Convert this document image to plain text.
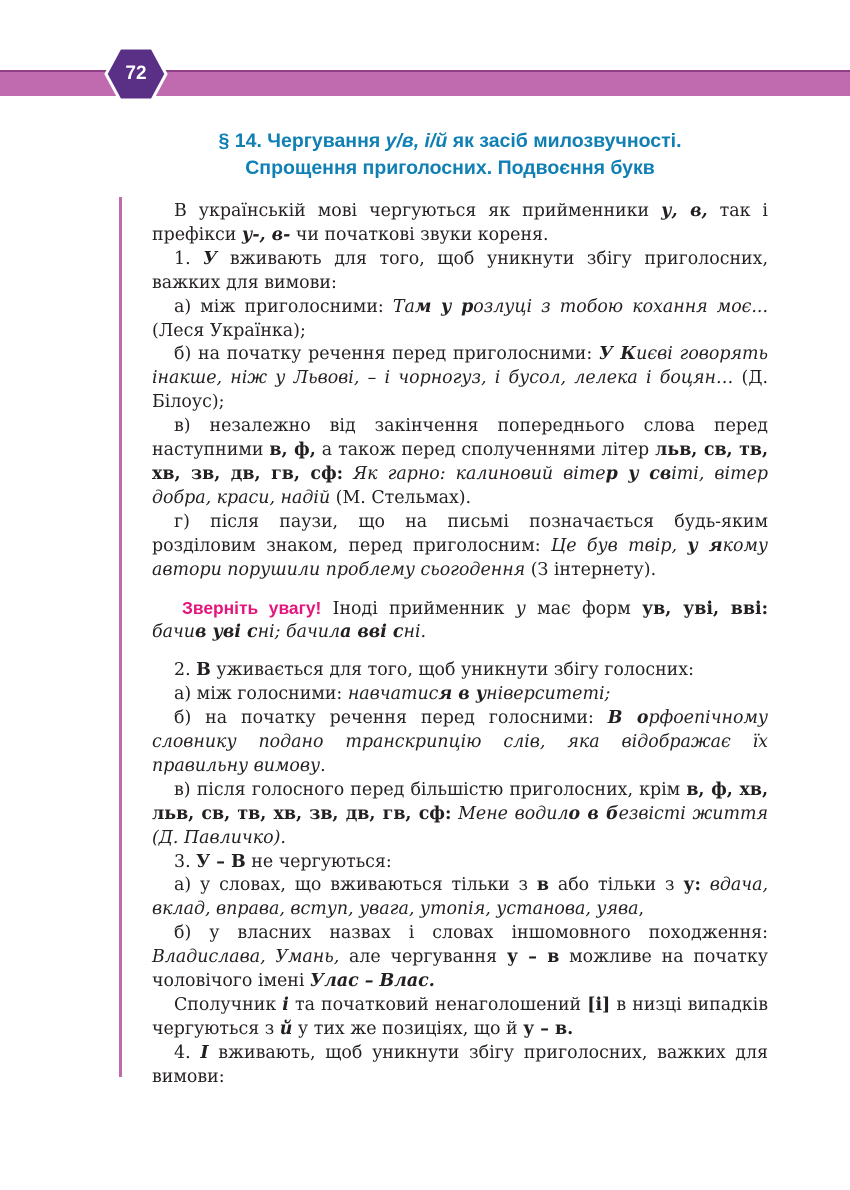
72
§ 14. Чергування у/в, і/й як засіб милозвучності.
Спрощення приголосних. Подвоєння букв

В українській мові чергуються як прийменники у, в, так і префікси у-, в- чи початкові звуки кореня.

1. У вживають для того, щоб уникнути збігу приголосних, важких для вимови:

а) між приголосними: Там у розлуці з тобою кохання моє... (Леся Українка);

б) на початку речення перед приголосними: У Києві говорять інакше, ніж у Львові, – і чорногуз, і бусол, лелека і боцян… (Д. Білоус);

в) незалежно від закінчення попереднього слова перед наступними в, ф, а також перед сполученнями літер льв, св, тв, хв, зв, дв, гв, сф: Як гарно: калиновий вітер у світі, вітер добра, краси, надій (М. Стельмах).

г) після паузи, що на письмі позначається будь-яким розділовим знаком, перед приголосним: Це був твір, у якому автори порушили проблему сьогодення (З інтернету).

Зверніть увагу! Іноді прийменник у має форм ув, уві, вві: бачив уві сні; бачила вві сні.

2. В уживається для того, щоб уникнути збігу голосних:

а) між голосними: навчатися в університеті;

б) на початку речення перед голосними: В орфоепічному словнику подано транскрипцію слів, яка відображає їх правильну вимову.

в) після голосного перед більшістю приголосних, крім в, ф, хв, льв, св, тв, хв, зв, дв, гв, сф: Мене водило в безвісті життя (Д. Павличко).

3. У – В не чергуються:

а) у словах, що вживаються тільки з в або тільки з у: вдача, вклад, вправа, вступ, увага, утопія, установа, уява,

б) у власних назвах і словах іншомовного походження: Владислава, Умань, але чергування у – в можливе на початку чоловічого імені Улас – Влас.

Сполучник і та початковий ненаголошений [і] в низці випадків чергуються з й у тих же позиціях, що й у – в.

4. І вживають, щоб уникнути збігу приголосних, важких для вимови:
